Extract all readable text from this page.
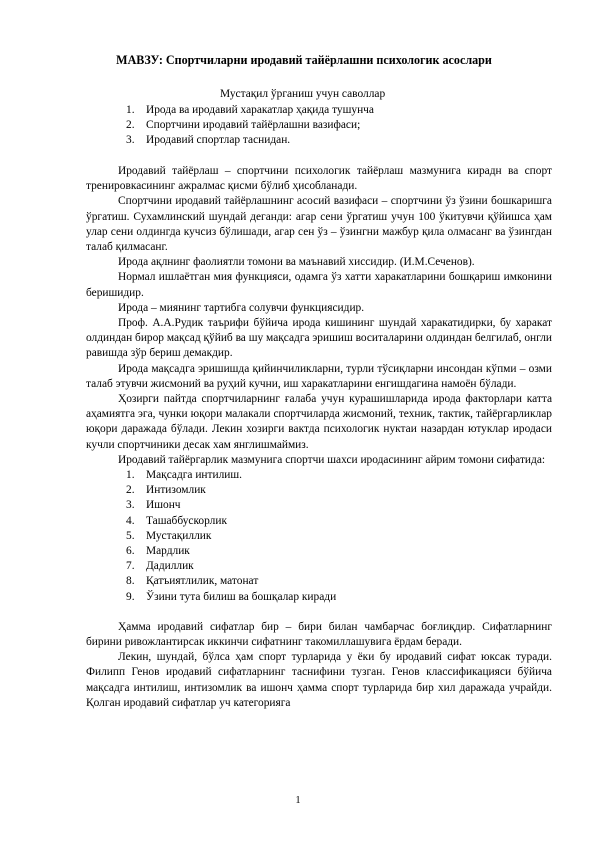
МАВЗУ: Спортчиларни иродавий тайёрлашни психологик асослари
Мустақил ўрганиш учун саволлар
1. Ирода ва иродавий харакатлар ҳақида тушунча
2. Спортчини иродавий тайёрлашни вазифаси;
3. Иродавий спортлар таснидан.

Иродавий тайёрлаш – спортчини психологик тайёрлаш мазмунига кирадн ва спорт тренировкасининг ажралмас қисми бўлиб ҳисобланади.

Спортчини иродавий тайёрлашнинг асосий вазифаси – спортчини ўз ўзини бошкаришга ўргатиш. Сухамлинский шундай деганди: агар сени ўргатиш учун 100 ўкитувчи қўйишса ҳам улар сени олдингда кучсиз бўлишади, агар сен ўз – ўзингни мажбур қила олмасанг ва ўзингдан талаб қилмасанг.

Ирода ақлнинг фаолиятли томони ва маънавий хиссидир. (И.М.Сеченов).

Нормал ишлаётган мия функцияси, одамга ўз хатти харакатларини бошқариш имконини беришидир.

Ирода – миянинг тартибга солувчи функциясидир.

Проф. А.А.Рудик таърифи бўйича ирода кишининг шундай харакатидирки, бу харакат олдиндан бирор мақсад қўйиб ва шу мақсадга эришиш воситаларини олдиндан белгилаб, онгли равишда зўр бериш демакдир.

Ирода мақсадга эришишда қийинчиликларни, турли тўсиқларни инсондан кўпми – озми талаб этувчи жисмоний ва руҳий кучни, иш харакатларини енгишдагина намоён бўлади.

Ҳозирги пайтда спортчиларнинг ғалаба учун курашишларида ирода факторлари катта аҳамиятга эга, чунки юқори малакали спортчиларда жисмоний, техник, тактик, тайёргарликлар юқори даражада бўлади. Лекин хозирги вактда психологик нуктаи назардан ютуклар иродаси кучли спортчиники десак хам янглишмаймиз.

Иродавий тайёргарлик мазмунига спортчи шахси иродасининг айрим томони сифатида:

1. Мақсадга интилиш.
2. Интизомлик
3. Ишонч
4. Ташаббускорлик
5. Мустақиллик
6. Мардлик
7. Дадиллик
8. Қатъиятлилик, матонат
9. Ўзини тута билиш ва бошқалар киради

Ҳамма иродавий сифатлар бир – бири билан чамбарчас боғлиқдир. Сифатларнинг бирини ривожлантирсак иккинчи сифатнинг такомиллашувига ёрдам беради.

Лекин, шундай, бўлса ҳам спорт турларида у ёки бу иродавий сифат юксак туради. Филипп Генов иродавий сифатларнинг таснифини тузган. Генов классификацияси бўйича мақсадга интилиш, интизомлик ва ишонч ҳамма спорт турларида бир хил даражада учрайди. Қолган иродавий сифатлар уч категорияга

1
